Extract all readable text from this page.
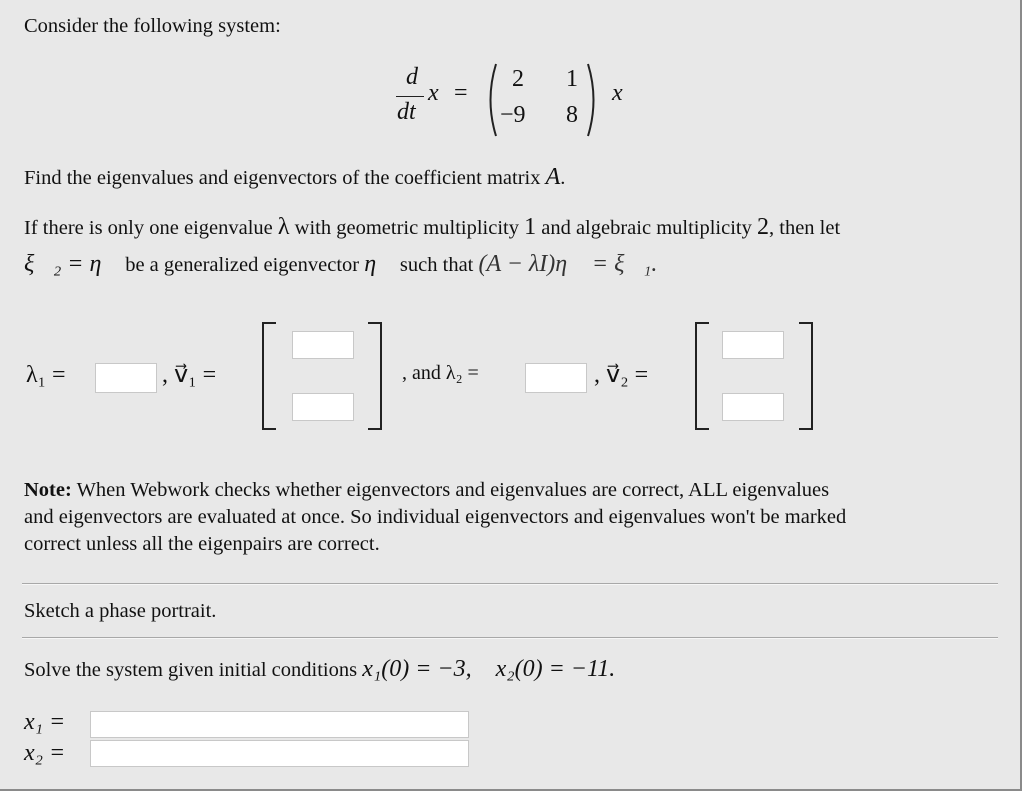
Consider the following system:
d
dt
x⃗
=
2 1
−9 8
x⃗
Find the eigenvalues and eigenvectors of the coefficient matrix A.
If there is only one eigenvalue λ with geometric multiplicity 1 and algebraic multiplicity 2, then let
ξ⃗₂ = η⃗ be a generalized eigenvector η⃗ such that (A − λI)η⃗ = ξ⃗₁.
λ₁ =	, v⃗₁ =	, and λ₂ =	, v⃗₂ =
Note: When Webwork checks whether eigenvectors and eigenvalues are correct, ALL eigenvalues
and eigenvectors are evaluated at once. So individual eigenvectors and eigenvalues won't be marked
correct unless all the eigenpairs are correct.
Sketch a phase portrait.
Solve the system given initial conditions x₁(0) = −3,    x₂(0) = −11.
x₁ =
x₂ =
